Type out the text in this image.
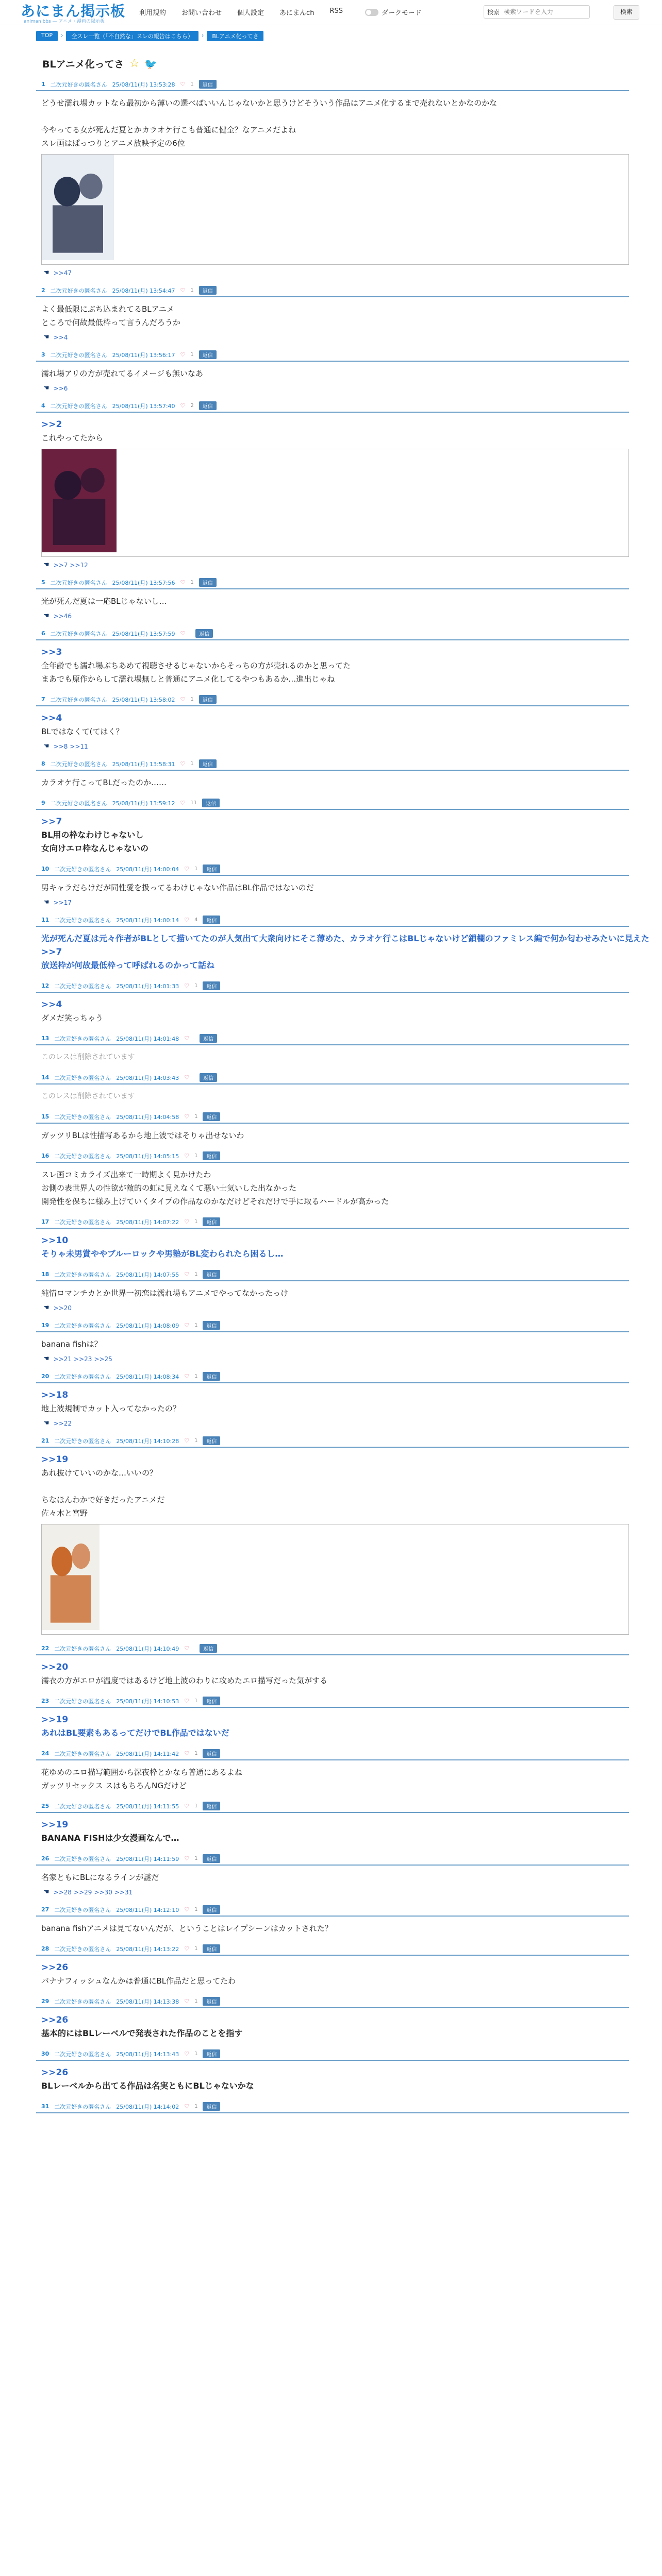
あにまん掲示板
animan bbs — アニメ・漫画の掲示板
利用規約 お問い合わせ 個人設定 あにまんch RSS	ダークモード	検索
検索ワードを入力	検索
TOP	›	全スレ一覧（「不自然な」スレの報告はこちら）	›	BLアニメ化ってさ
BLアニメ化ってさ ☆ 🐦
1 二次元好きの匿名さん 25/08/11(月) 13:53:28 ♡ 1	返信
どうせ濡れ場カットなら最初から薄いの選べばいいんじゃないかと思うけどそういう作品はアニメ化するまで売れないとかなのかな

今やってる女が死んだ夏とかカラオケ行こも普通に健全？なアニメだよね
スレ画はぱっつりとアニメ放映予定の6位
☚ >>47
2 二次元好きの匿名さん 25/08/11(月) 13:54:47 ♡ 1	返信
よく最低限にぶち込まれてるBLアニメ
ところで何故最低枠って言うんだろうか
☚ >>4
3 二次元好きの匿名さん 25/08/11(月) 13:56:17 ♡ 1	返信
濡れ場アリの方が売れてるイメージも無いなあ
☚ >>6
4 二次元好きの匿名さん 25/08/11(月) 13:57:40 ♡ 2	返信
>>2
これやってたから
☚ >>7 >>12
5 二次元好きの匿名さん 25/08/11(月) 13:57:56 ♡ 1	返信
光が死んだ夏は一応BLじゃないし…
☚ >>46
6 二次元好きの匿名さん 25/08/11(月) 13:57:59 ♡	返信
>>3
全年齢でも濡れ場ぶちあめて視聴させるじゃないからそっちの方が売れるのかと思ってた
まあでも原作からして濡れ場無しと普通にアニメ化してるやつもあるか…進出じゃね
7 二次元好きの匿名さん 25/08/11(月) 13:58:02 ♡ 1	返信
>>4
BLではなくて(てはく？
☚ >>8 >>11
8 二次元好きの匿名さん 25/08/11(月) 13:58:31 ♡ 1	返信
カラオケ行こってBLだったのか……
9 二次元好きの匿名さん 25/08/11(月) 13:59:12 ♡ 11	返信
>>7
BL用の枠なわけじゃないし
女向けエロ枠なんじゃないの
10 二次元好きの匿名さん 25/08/11(月) 14:00:04 ♡ 1	返信
男キャラだらけだが同性愛を扱ってるわけじゃない作品はBL作品ではないのだ
☚ >>17
11 二次元好きの匿名さん 25/08/11(月) 14:00:14 ♡ 4	返信
光が死んだ夏は元々作者がBLとして描いてたのが人気出て大衆向けにそこ薄めた、カラオケ行こはBLじゃないけど鎖欄のファミレス編で何か匂わせみたいに見えた
>>7
放送枠が何故最低枠って呼ばれるのかって話ね
12 二次元好きの匿名さん 25/08/11(月) 14:01:33 ♡ 1	返信
>>4
ダメだ笑っちゃう
13 二次元好きの匿名さん 25/08/11(月) 14:01:48 ♡	返信
このレスは削除されています
14 二次元好きの匿名さん 25/08/11(月) 14:03:43 ♡	返信
このレスは削除されています
15 二次元好きの匿名さん 25/08/11(月) 14:04:58 ♡ 1	返信
ガッツリBLは性描写あるから地上波ではそりゃ出せないわ
16 二次元好きの匿名さん 25/08/11(月) 14:05:15 ♡ 1	返信
スレ画コミカライズ出来て一時期よく見かけたわ
お側の表世界人の性欲が敵的の虹に見えなくて悪い士気いした出なかった
開発性を保ちに様み上げていくタイプの作品なのかなだけどそれだけで手に取るハードルが高かった
17 二次元好きの匿名さん 25/08/11(月) 14:07:22 ♡ 1	返信
>>10
そりゃ未男賞ややブルーロックや男塾がBL変わられたら困るし…
18 二次元好きの匿名さん 25/08/11(月) 14:07:55 ♡ 1	返信
純情ロマンチカとか世界一初恋は濡れ場もアニメでやってなかったっけ
☚ >>20
19 二次元好きの匿名さん 25/08/11(月) 14:08:09 ♡ 1	返信
banana fishは？
☚ >>21 >>23 >>25
20 二次元好きの匿名さん 25/08/11(月) 14:08:34 ♡ 1	返信
>>18
地上波規制でカット入ってなかったの？
☚ >>22
21 二次元好きの匿名さん 25/08/11(月) 14:10:28 ♡ 1	返信
>>19
あれ抜けていいのかな…いいの？

ちなほんわかで好きだったアニメだ
佐々木と宮野
22 二次元好きの匿名さん 25/08/11(月) 14:10:49 ♡	返信
>>20
濡衣の方がエロが温度ではあるけど地上波のわりに攻めたエロ描写だった気がする
23 二次元好きの匿名さん 25/08/11(月) 14:10:53 ♡ 1	返信
>>19
あれはBL要素もあるってだけでBL作品ではないだ
24 二次元好きの匿名さん 25/08/11(月) 14:11:42 ♡ 1	返信
花ゆめのエロ描写範囲から深夜枠とかなら普通にあるよね
ガッツリセックス スはもちろんNGだけど
25 二次元好きの匿名さん 25/08/11(月) 14:11:55 ♡ 1	返信
>>19
BANANA FISHは少女漫画なんで…
26 二次元好きの匿名さん 25/08/11(月) 14:11:59 ♡ 1	返信
名家ともにBLになるラインが謎だ
☚ >>28 >>29 >>30 >>31
27 二次元好きの匿名さん 25/08/11(月) 14:12:10 ♡ 1	返信
banana fishアニメは見てないんだが、ということはレイプシーンはカットされた？
28 二次元好きの匿名さん 25/08/11(月) 14:13:22 ♡ 1	返信
>>26
バナナフィッシュなんかは普通にBL作品だと思ってたわ
29 二次元好きの匿名さん 25/08/11(月) 14:13:38 ♡ 1	返信
>>26
基本的にはBLレーベルで発表された作品のことを指す
30 二次元好きの匿名さん 25/08/11(月) 14:13:43 ♡ 1	返信
>>26
BLレーベルから出てる作品は名実ともにBLじゃないかな
31 二次元好きの匿名さん 25/08/11(月) 14:14:02 ♡ 1	返信
